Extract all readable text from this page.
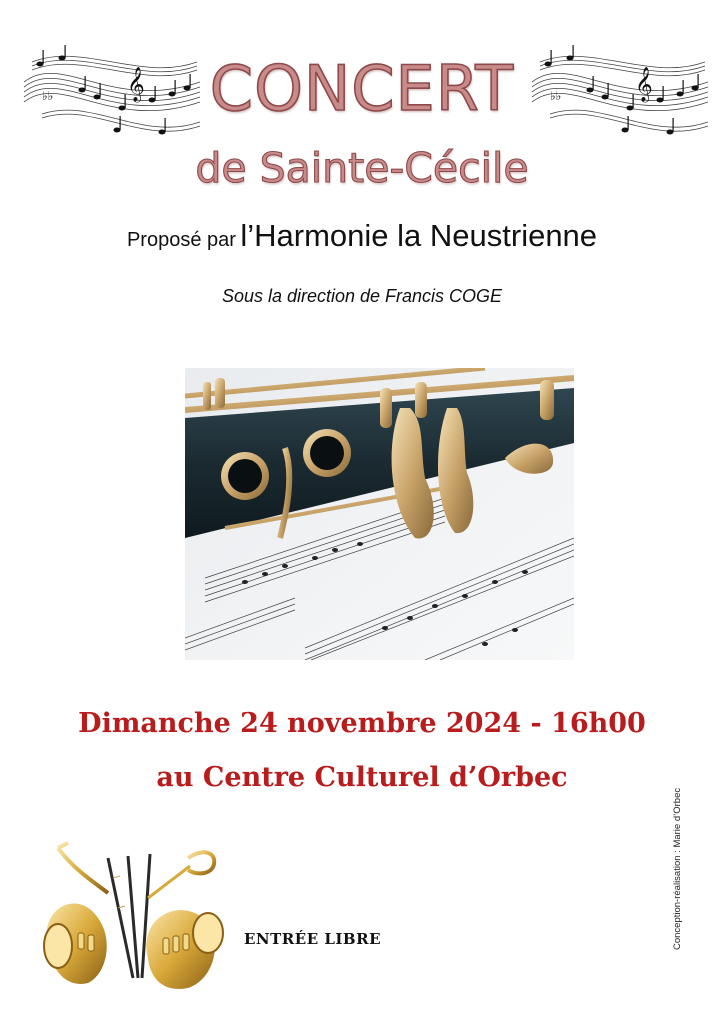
𝄞
♭♭	𝄞
♭♭
CONCERT
de Sainte-Cécile
Proposé par l’Harmonie la Neustrienne
Sous la direction de Francis COGE
Dimanche 24 novembre 2024 - 16h00
au Centre Culturel d’Orbec
ENTRÉE LIBRE	Conception-réalisation : Marie d’Orbec
